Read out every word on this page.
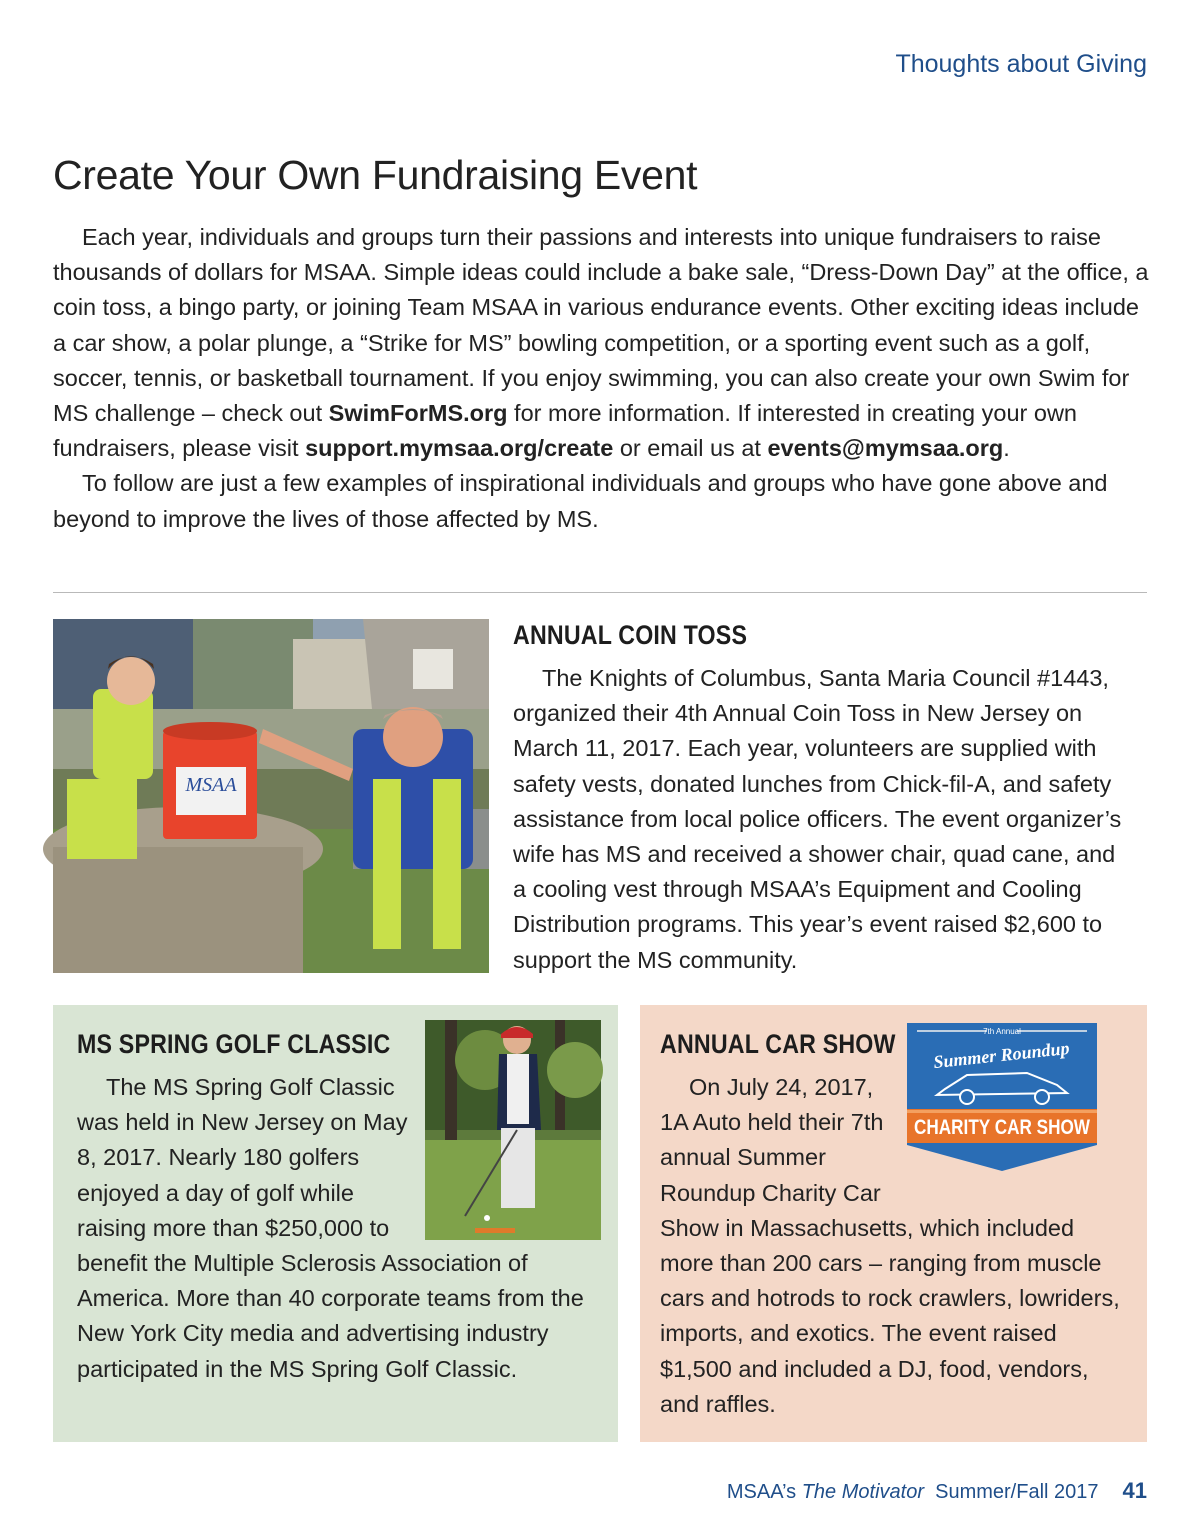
Thoughts about Giving
Create Your Own Fundraising Event

Each year, individuals and groups turn their passions and interests into unique fundraisers to raise thousands of dollars for MSAA. Simple ideas could include a bake sale, “Dress-Down Day” at the office, a coin toss, a bingo party, or joining Team MSAA in various endurance events. Other exciting ideas include a car show, a polar plunge, a “Strike for MS” bowling competition, or a sporting event such as a golf, soccer, tennis, or basketball tournament. If you enjoy swimming, you can also create your own Swim for MS challenge – check out SwimForMS.org for more information. If interested in creating your own fundraisers, please visit support.mymsaa.org/create or email us at events@mymsaa.org.

To follow are just a few examples of inspirational individuals and groups who have gone above and beyond to improve the lives of those affected by MS.

MSAA
ANNUAL COIN TOSS

The Knights of Columbus, Santa Maria Council #1443, organized their 4th Annual Coin Toss in New Jersey on March 11, 2017. Each year, volunteers are supplied with safety vests, donated lunches from Chick-fil-A, and safety assistance from local police officers. The event organizer’s wife has MS and received a shower chair, quad cane, and a cooling vest through MSAA’s Equipment and Cooling Distribution programs. This year’s event raised $2,600 to support the MS community.

MS SPRING GOLF CLASSIC

The MS Spring Golf Classic was held in New Jersey on May 8, 2017. Nearly 180 golfers enjoyed a day of golf while raising more than $250,000 to benefit the Multiple Sclerosis Association of America. More than 40 corporate teams from the New York City media and advertising industry participated in the MS Spring Golf Classic.

ANNUAL CAR SHOW	7th Annual
Summer Roundup
CHARITY CAR SHOW

On July 24, 2017, 1A Auto held their 7th annual Summer Roundup Charity Car Show in Massachusetts, which included more than 200 cars – ranging from muscle cars and hotrods to rock crawlers, lowriders, imports, and exotics. The event raised $1,500 and included a DJ, food, vendors, and raffles.

MSAA’s The Motivator Summer/Fall 2017 41
